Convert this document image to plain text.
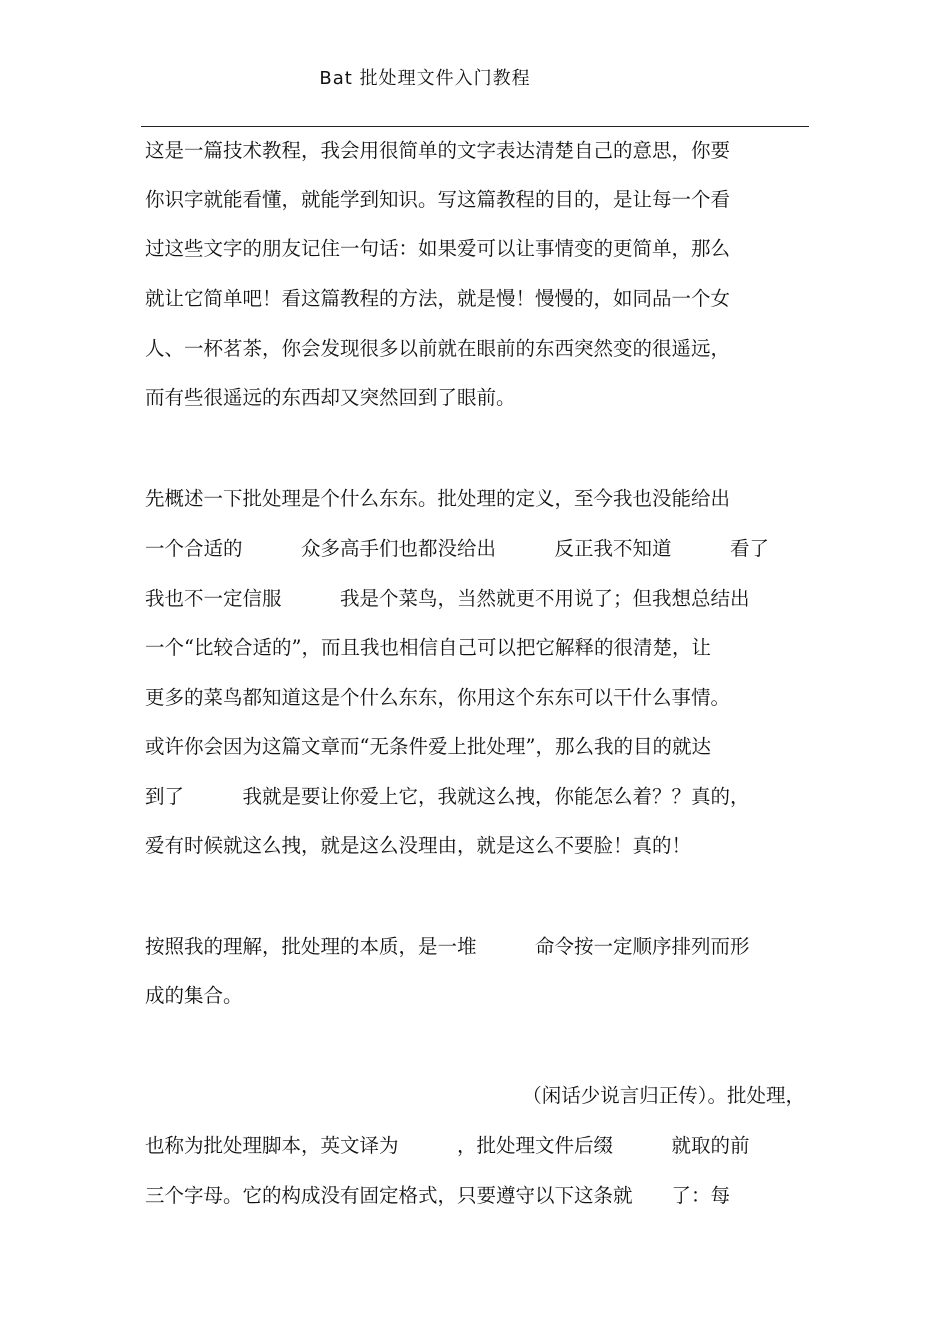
Bat 批处理文件入门教程
这是一篇技术教程，我会用很简单的文字表达清楚自己的意思，你要
你识字就能看懂，就能学到知识。写这篇教程的目的，是让每一个看
过这些文字的朋友记住一句话：如果爱可以让事情变的更简单，那么
就让它简单吧！看这篇教程的方法，就是慢！慢慢的，如同品一个女
人、一杯茗茶，你会发现很多以前就在眼前的东西突然变的很遥远，
而有些很遥远的东西却又突然回到了眼前。
先概述一下批处理是个什么东东。批处理的定义，至今我也没能给出
一个合适的　　　众多高手们也都没给出　　　反正我不知道　　　看了
我也不一定信服　　　我是个菜鸟，当然就更不用说了；但我想总结出
一个“比较合适的”，而且我也相信自己可以把它解释的很清楚，让
更多的菜鸟都知道这是个什么东东，你用这个东东可以干什么事情。
或许你会因为这篇文章而“无条件爱上批处理”，那么我的目的就达
到了　　　我就是要让你爱上它，我就这么拽，你能怎么着？？真的，
爱有时候就这么拽，就是这么没理由，就是这么不要脸！真的！
按照我的理解，批处理的本质，是一堆　　　命令按一定顺序排列而形
成的集合。
（闲话少说言归正传）。批处理，
也称为批处理脚本，英文译为　　　，批处理文件后缀　　　就取的前
三个字母。它的构成没有固定格式，只要遵守以下这条就　　了：每
